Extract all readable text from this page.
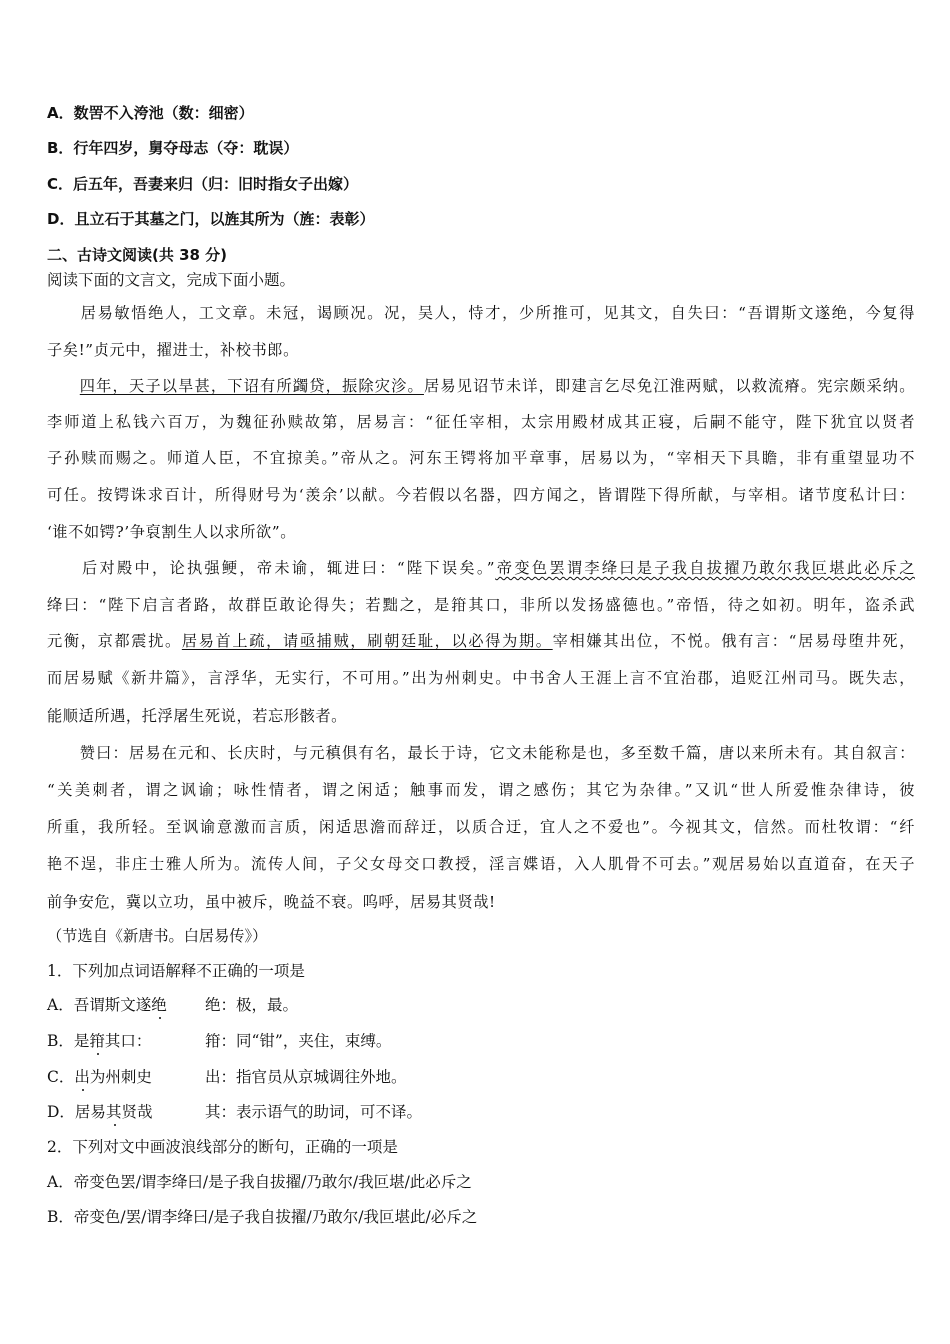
A．数罟不入洿池（数：细密）
B．行年四岁，舅夺母志（夺：耽误）
C．后五年，吾妻来归（归：旧时指女子出嫁）
D．且立石于其墓之门，以旌其所为（旌：表彰）
二、古诗文阅读(共 38 分)
阅读下面的文言文，完成下面小题。
　　居易敏悟绝人，工文章。未冠，谒顾况。况，吴人，恃才，少所推可，见其文，自失曰：“吾谓斯文遂绝，今复得
子矣!”贞元中，擢进士，补校书郎。
　　四年，天子以旱甚，下诏有所蠲贷，振除灾沴。居易见诏节未详，即建言乞尽免江淮两赋，以救流瘠。宪宗颇采纳。
李师道上私钱六百万，为魏征孙赎故第，居易言：“征任宰相，太宗用殿材成其正寝，后嗣不能守，陛下犹宜以贤者
子孙赎而赐之。师道人臣，不宜掠美。”帝从之。河东王锷将加平章事，居易以为，“宰相天下具瞻，非有重望显功不
可任。按锷诛求百计，所得财号为‘羡余’以献。今若假以名器，四方闻之，皆谓陛下得所献，与宰相。诸节度私计曰：
‘谁不如锷?’争裒割生人以求所欲”。
　　后对殿中，论执强鲠，帝未谕，辄进曰：“陛下误矣。”帝变色罢谓李绛曰是子我自拔擢乃敢尔我叵堪此必斥之
绛曰：“陛下启言者路，故群臣敢论得失；若黜之，是箝其口，非所以发扬盛德也。”帝悟，待之如初。明年，盗杀武
元衡，京都震扰。居易首上疏，请亟捕贼，刷朝廷耻，以必得为期。宰相嫌其出位，不悦。俄有言：“居易母堕井死，
而居易赋《新井篇》，言浮华，无实行，不可用。”出为州刺史。中书舍人王涯上言不宜治郡，追贬江州司马。既失志，
能顺适所遇，托浮屠生死说，若忘形骸者。
　　赞曰：居易在元和、长庆时，与元稹俱有名，最长于诗，它文未能称是也，多至数千篇，唐以来所未有。其自叙言：
“关美刺者，谓之讽谕；咏性情者，谓之闲适；触事而发，谓之感伤；其它为杂律。”又讥“世人所爱惟杂律诗，彼
所重，我所轻。至讽谕意激而言质，闲适思澹而辞迂，以质合迂，宜人之不爱也”。今视其文，信然。而杜牧谓：“纤
艳不逞，非庄士雅人所为。流传人间，子父女母交口教授，淫言媟语，入人肌骨不可去。”观居易始以直道奋，在天子
前争安危，冀以立功，虽中被斥，晚益不衰。呜呼，居易其贤哉!
（节选自《新唐书。白居易传》）
1．下列加点词语解释不正确的一项是
A．吾谓斯文遂绝 绝：极，最。
B．是箝其口：	箝：同“钳”，夹住，束缚。
C．出为州刺史	出：指官员从京城调往外地。
D．居易其贤哉	其：表示语气的助词，可不译。
2．下列对文中画波浪线部分的断句，正确的一项是
A．帝变色罢/谓李绛曰/是子我自拔擢/乃敢尔/我叵堪/此必斥之
B．帝变色/罢/谓李绛曰/是子我自拔擢/乃敢尔/我叵堪此/必斥之
